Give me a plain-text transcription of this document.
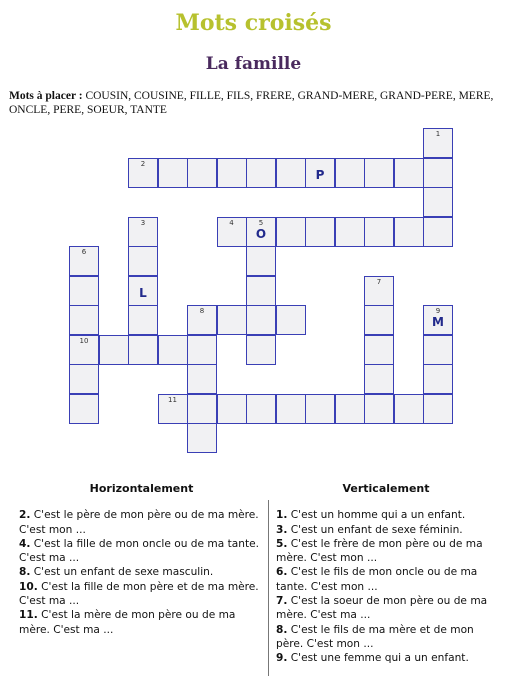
Mots croisés
La famille
Mots à placer : COUSIN, COUSINE, FILLE, FILS, FRERE, GRAND-MERE, GRAND-PERE, MERE, ONCLE, PERE, SOEUR, TANTE
1
2
P
3
L
4	5
O
6
10
7
8	9
M
11
Horizontalement

2. C'est le père de mon père ou de ma mère. C'est mon ...

4. C'est la fille de mon oncle ou de ma tante. C'est ma ...

8. C'est un enfant de sexe masculin.

10. C'est la fille de mon père et de ma mère. C'est ma ...

11. C'est la mère de mon père ou de ma mère. C'est ma ...

Verticalement

1. C'est un homme qui a un enfant.

3. C'est un enfant de sexe féminin.

5. C'est le frère de mon père ou de ma mère. C'est mon ...

6. C'est le fils de mon oncle ou de ma tante. C'est mon ...

7. C'est la soeur de mon père ou de ma mère. C'est ma ...

8. C'est le fils de ma mère et de mon père. C'est mon ...

9. C'est une femme qui a un enfant.
